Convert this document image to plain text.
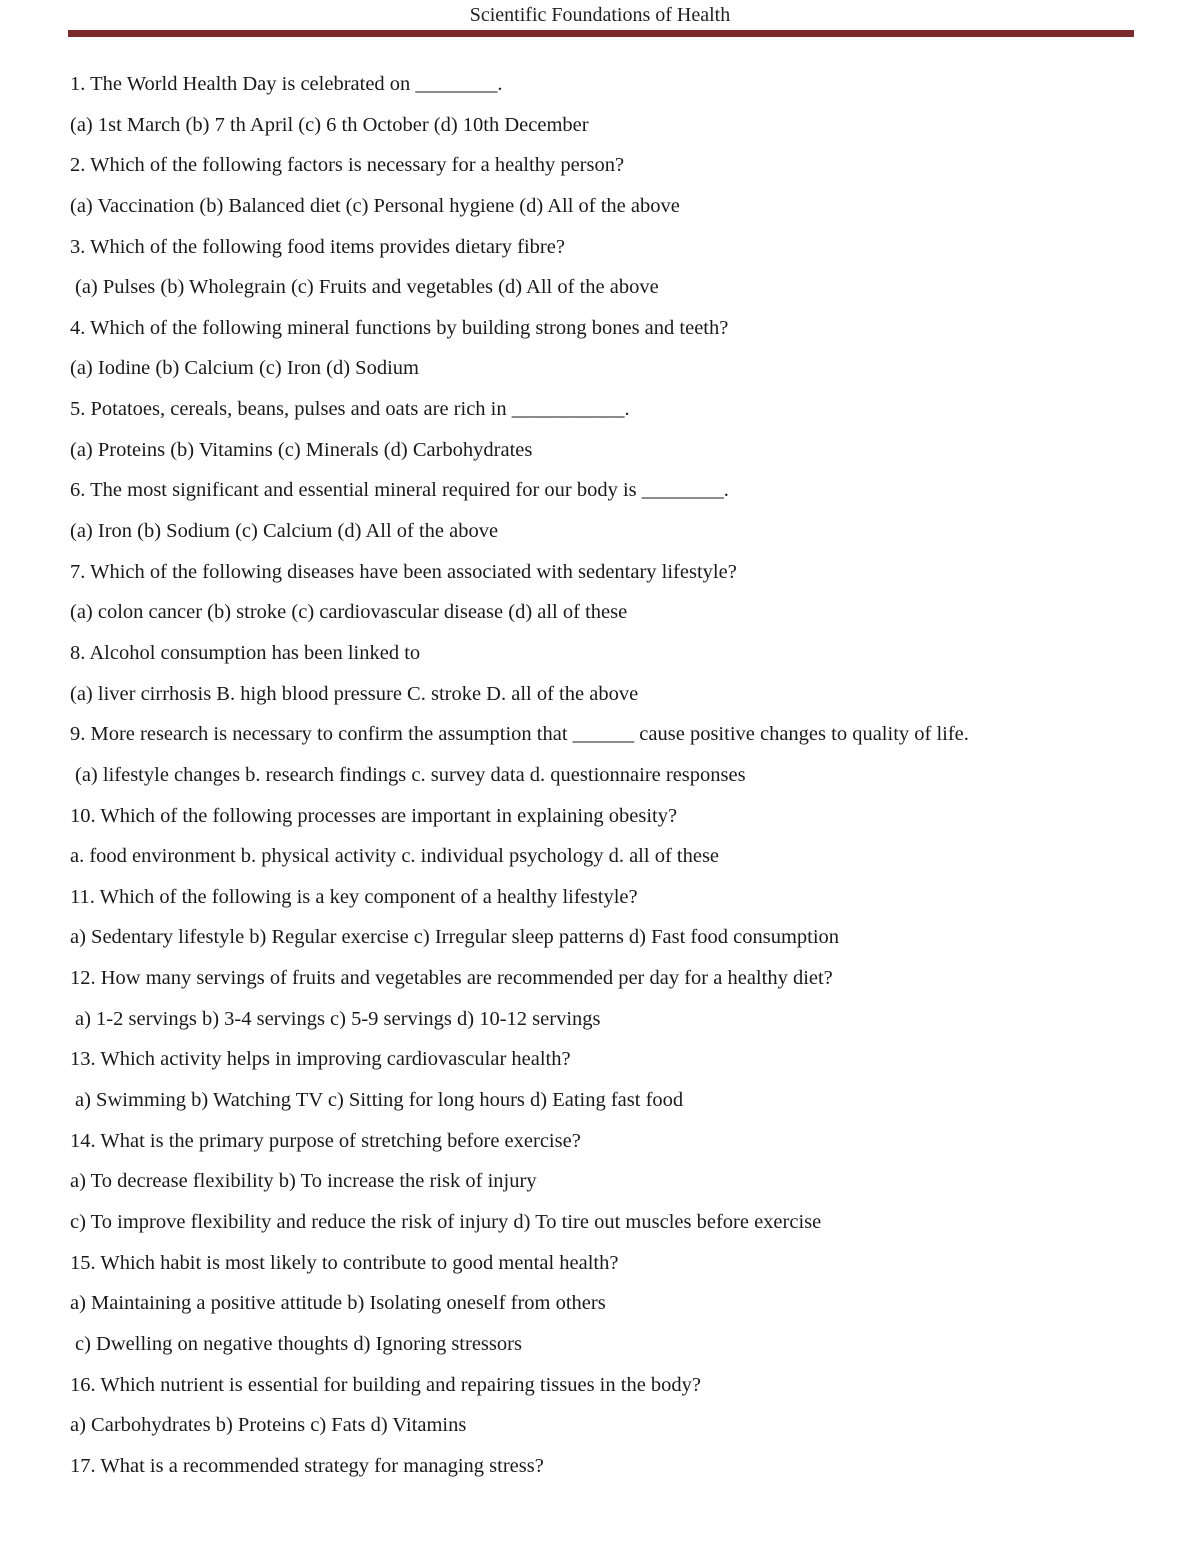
Scientific Foundations of Health
1. The World Health Day is celebrated on ________.
(a) 1st March (b) 7 th April (c) 6 th October (d) 10th December
2. Which of the following factors is necessary for a healthy person?
(a) Vaccination (b) Balanced diet (c) Personal hygiene (d) All of the above
3. Which of the following food items provides dietary fibre?
(a) Pulses (b) Wholegrain (c) Fruits and vegetables (d) All of the above
4. Which of the following mineral functions by building strong bones and teeth?
(a) Iodine (b) Calcium (c) Iron (d) Sodium
5. Potatoes, cereals, beans, pulses and oats are rich in ___________.
(a) Proteins (b) Vitamins (c) Minerals (d) Carbohydrates
6. The most significant and essential mineral required for our body is ________.
(a) Iron (b) Sodium (c) Calcium (d) All of the above
7. Which of the following diseases have been associated with sedentary lifestyle?
(a) colon cancer (b) stroke (c) cardiovascular disease (d) all of these
8. Alcohol consumption has been linked to
(a) liver cirrhosis B. high blood pressure C. stroke D. all of the above
9. More research is necessary to confirm the assumption that ______ cause positive changes to quality of life.
(a) lifestyle changes b. research findings c. survey data d. questionnaire responses
10. Which of the following processes are important in explaining obesity?
a. food environment b. physical activity c. individual psychology d. all of these
11. Which of the following is a key component of a healthy lifestyle?
a) Sedentary lifestyle b) Regular exercise c) Irregular sleep patterns d) Fast food consumption
12. How many servings of fruits and vegetables are recommended per day for a healthy diet?
a) 1-2 servings b) 3-4 servings c) 5-9 servings d) 10-12 servings
13. Which activity helps in improving cardiovascular health?
a) Swimming b) Watching TV c) Sitting for long hours d) Eating fast food
14. What is the primary purpose of stretching before exercise?
a) To decrease flexibility b) To increase the risk of injury
c) To improve flexibility and reduce the risk of injury d) To tire out muscles before exercise
15. Which habit is most likely to contribute to good mental health?
a) Maintaining a positive attitude b) Isolating oneself from others
c) Dwelling on negative thoughts d) Ignoring stressors
16. Which nutrient is essential for building and repairing tissues in the body?
a) Carbohydrates b) Proteins c) Fats d) Vitamins
17. What is a recommended strategy for managing stress?
